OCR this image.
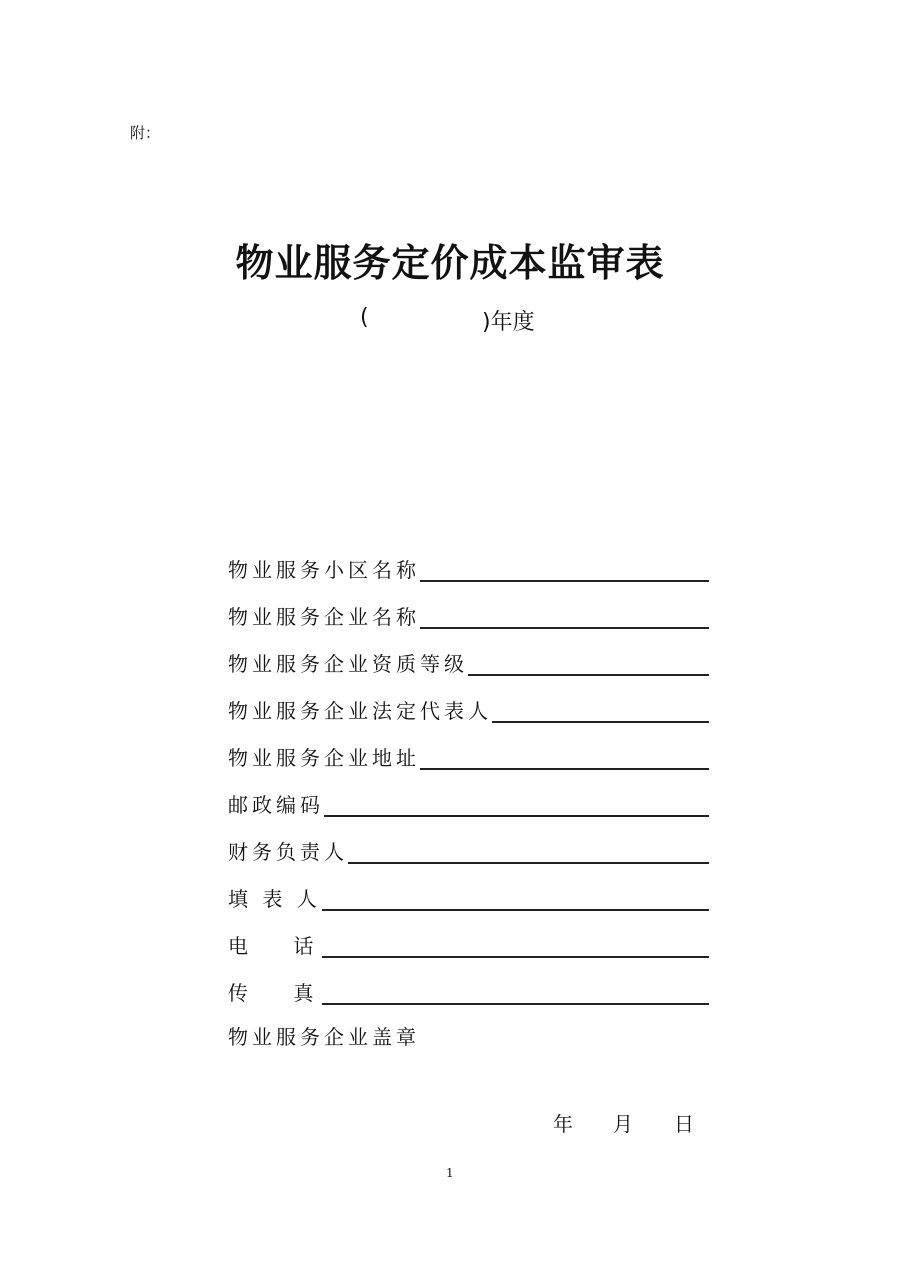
附：
物业服务定价成本监审表
(	)年度
物业服务小区名称
物业服务企业名称
物业服务企业资质等级
物业服务企业法定代表人
物业服务企业地址
邮政编码
财务负责人
填 表 人
电    话
传    真
物业服务企业盖章
年 月 日
1
